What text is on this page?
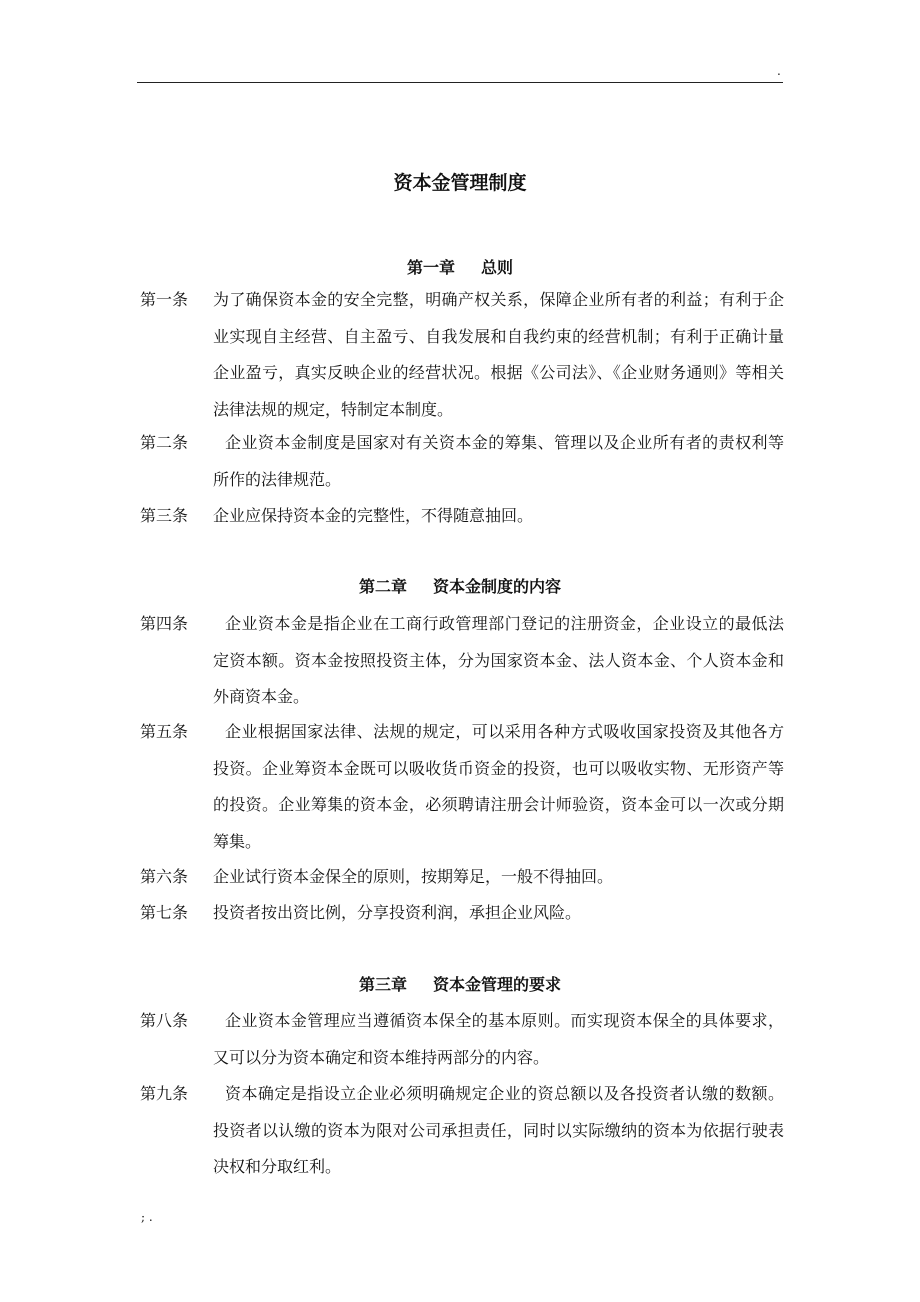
.
资本金管理制度
第一章 总则
第一条	为了确保资本金的安全完整，明确产权关系，保障企业所有者的利益；有利于企业实现自主经营、自主盈亏、自我发展和自我约束的经营机制；有利于正确计量企业盈亏，真实反映企业的经营状况。根据《公司法》、《企业财务通则》等相关法律法规的规定，特制定本制度。
第二条	企业资本金制度是国家对有关资本金的筹集、管理以及企业所有者的责权利等所作的法律规范。
第三条	企业应保持资本金的完整性，不得随意抽回。
第二章 资本金制度的内容
第四条	企业资本金是指企业在工商行政管理部门登记的注册资金，企业设立的最低法定资本额。资本金按照投资主体，分为国家资本金、法人资本金、个人资本金和外商资本金。
第五条	企业根据国家法律、法规的规定，可以采用各种方式吸收国家投资及其他各方投资。企业筹资本金既可以吸收货币资金的投资，也可以吸收实物、无形资产等的投资。企业筹集的资本金，必须聘请注册会计师验资，资本金可以一次或分期筹集。
第六条	企业试行资本金保全的原则，按期筹足，一般不得抽回。
第七条	投资者按出资比例，分享投资利润，承担企业风险。
第三章 资本金管理的要求
第八条	企业资本金管理应当遵循资本保全的基本原则。而实现资本保全的具体要求，又可以分为资本确定和资本维持两部分的内容。
第九条	资本确定是指设立企业必须明确规定企业的资总额以及各投资者认缴的数额。投资者以认缴的资本为限对公司承担责任，同时以实际缴纳的资本为依据行驶表决权和分取红利。
; .
